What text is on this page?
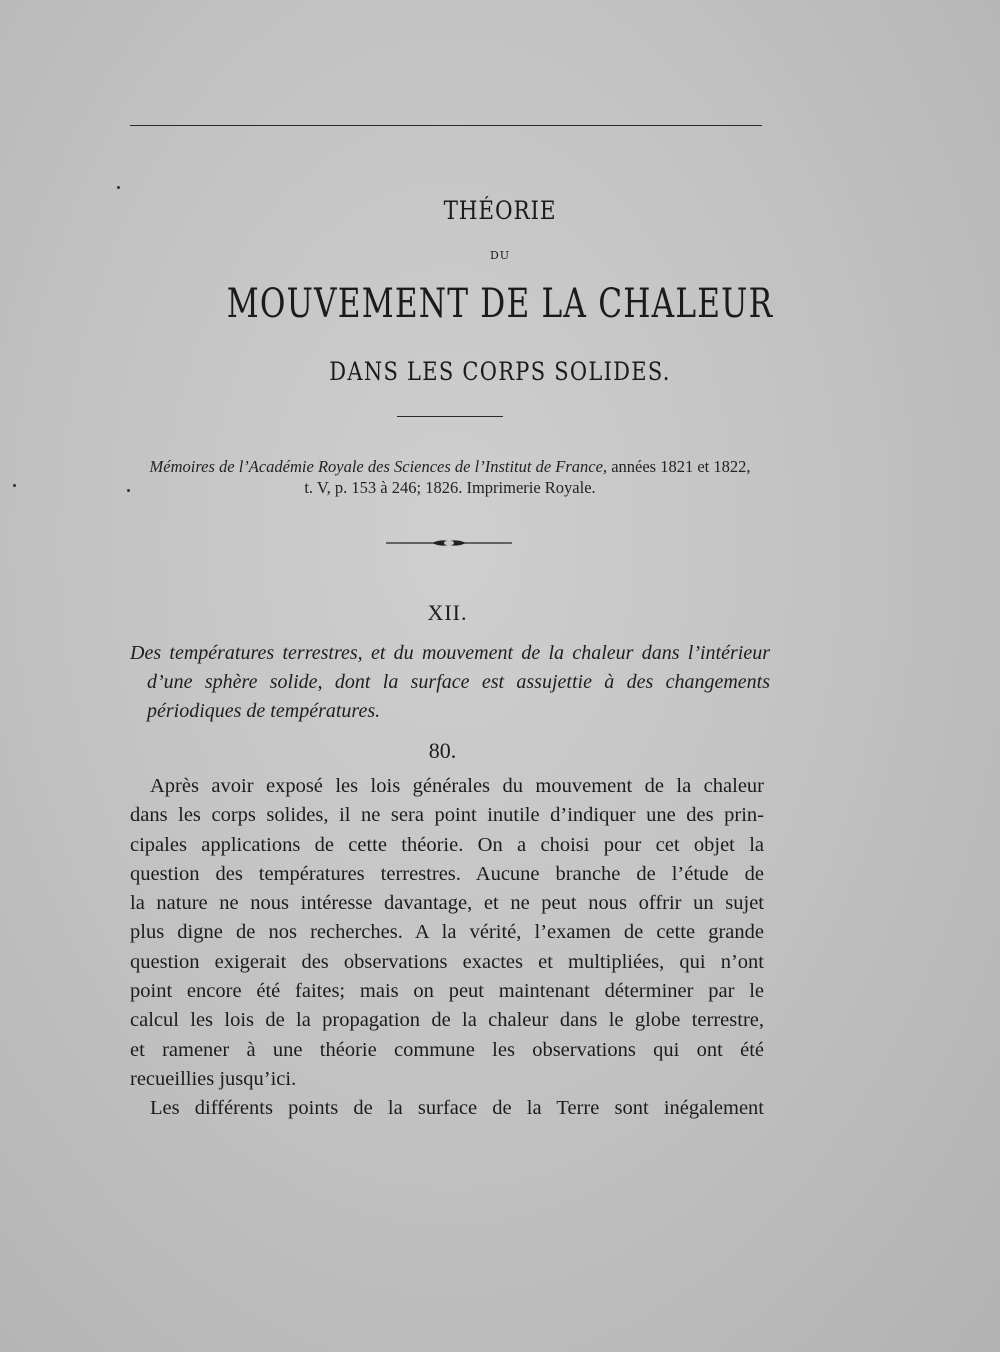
THÉORIE
DU
MOUVEMENT DE LA CHALEUR
DANS LES CORPS SOLIDES.
Mémoires de l’Académie Royale des Sciences de l’Institut de France, années 1821 et 1822,
t. V, p. 153 à 246; 1826. Imprimerie Royale.
XII.
Des températures terrestres, et du mouvement de la chaleur dans l’intérieur
d’une sphère solide, dont la surface est assujettie à des changements
périodiques de températures.
80.
Après avoir exposé les lois générales du mouvement de la chaleur
dans les corps solides, il ne sera point inutile d’indiquer une des prin-
cipales applications de cette théorie. On a choisi pour cet objet la
question des températures terrestres. Aucune branche de l’étude de
la nature ne nous intéresse davantage, et ne peut nous offrir un sujet
plus digne de nos recherches. A la vérité, l’examen de cette grande
question exigerait des observations exactes et multipliées, qui n’ont
point encore été faites; mais on peut maintenant déterminer par le
calcul les lois de la propagation de la chaleur dans le globe terrestre,
et ramener à une théorie commune les observations qui ont été
recueillies jusqu’ici.
Les différents points de la surface de la Terre sont inégalement
